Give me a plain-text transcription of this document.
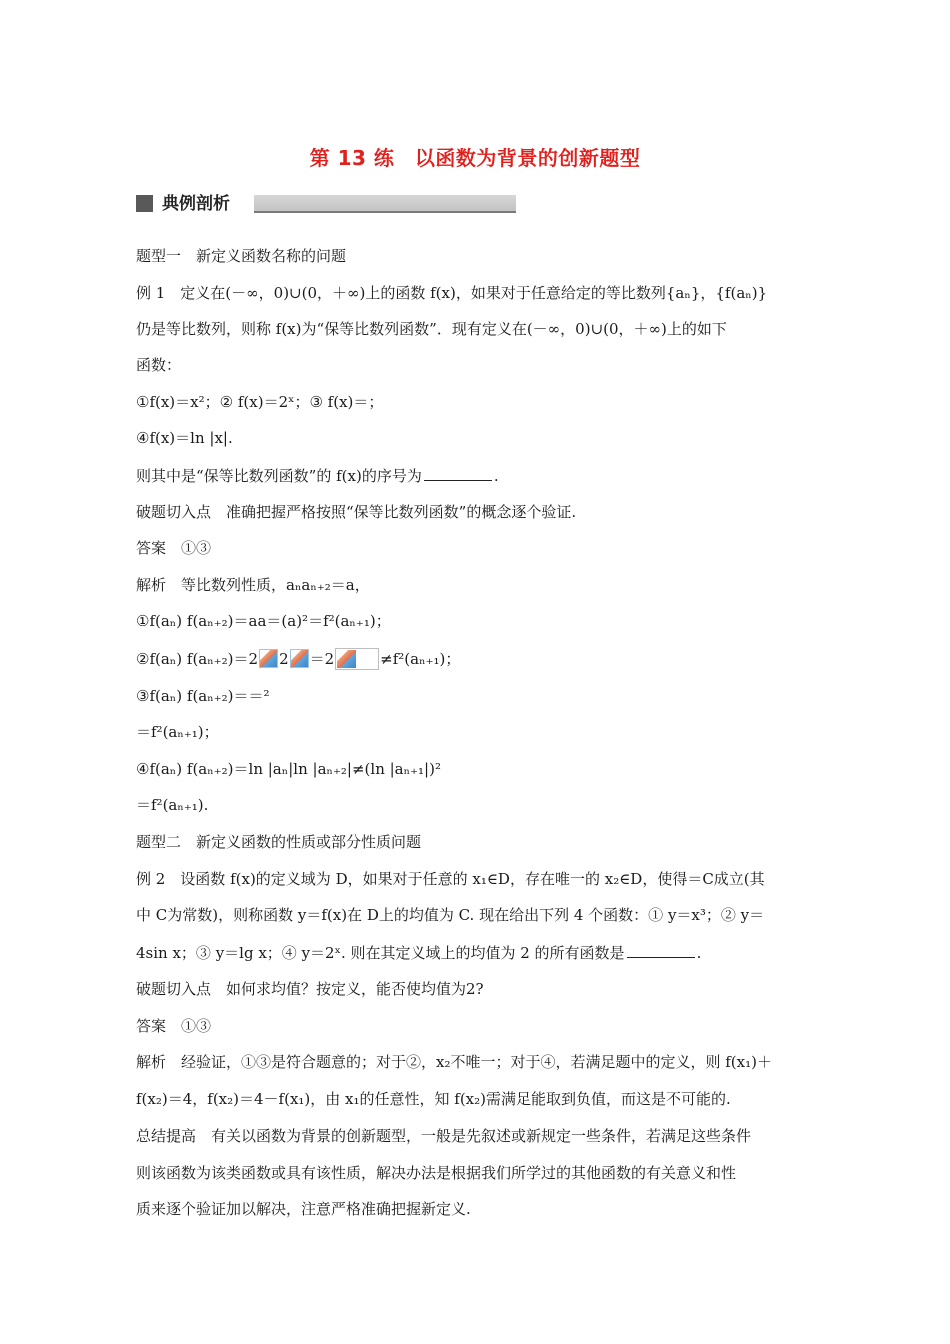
第 13 练　以函数为背景的创新题型
典例剖析
题型一　新定义函数名称的问题
例 1　定义在(－∞，0)∪(0，＋∞)上的函数 f(x)，如果对于任意给定的等比数列{aₙ}，{f(aₙ)}
仍是等比数列，则称 f(x)为“保等比数列函数”．现有定义在(－∞，0)∪(0，＋∞)上的如下
函数：
①f(x)＝x²；② f(x)＝2ˣ；③ f(x)＝；
④f(x)＝ln |x|.
则其中是“保等比数列函数”的 f(x)的序号为	.
破题切入点　准确把握严格按照“保等比数列函数”的概念逐个验证.
答案　①③
解析　等比数列性质，aₙaₙ₊₂＝a，
①f(aₙ) f(aₙ₊₂)＝aa＝(a)²＝f²(aₙ₊₁)；
②f(aₙ) f(aₙ₊₂)＝2 2 ＝2	≠f²(aₙ₊₁)；
③f(aₙ) f(aₙ₊₂)＝＝²
＝f²(aₙ₊₁)；
④f(aₙ) f(aₙ₊₂)＝ln |aₙ|ln |aₙ₊₂|≠(ln |aₙ₊₁|)²
＝f²(aₙ₊₁).
题型二　新定义函数的性质或部分性质问题
例 2　设函数 f(x)的定义域为 D，如果对于任意的 x₁∈D，存在唯一的 x₂∈D，使得＝C成立(其
中 C为常数)，则称函数 y＝f(x)在 D上的均值为 C. 现在给出下列 4 个函数：① y＝x³；② y＝
4sin x；③ y＝lg x；④ y＝2ˣ. 则在其定义域上的均值为 2 的所有函数是	.
破题切入点　如何求均值？按定义，能否使均值为2?
答案　①③
解析　经验证，①③是符合题意的；对于②，x₂不唯一；对于④，若满足题中的定义，则 f(x₁)＋
f(x₂)＝4，f(x₂)＝4－f(x₁)，由 x₁的任意性，知 f(x₂)需满足能取到负值，而这是不可能的.
总结提高　有关以函数为背景的创新题型，一般是先叙述或新规定一些条件，若满足这些条件
则该函数为该类函数或具有该性质，解决办法是根据我们所学过的其他函数的有关意义和性
质来逐个验证加以解决，注意严格准确把握新定义.
